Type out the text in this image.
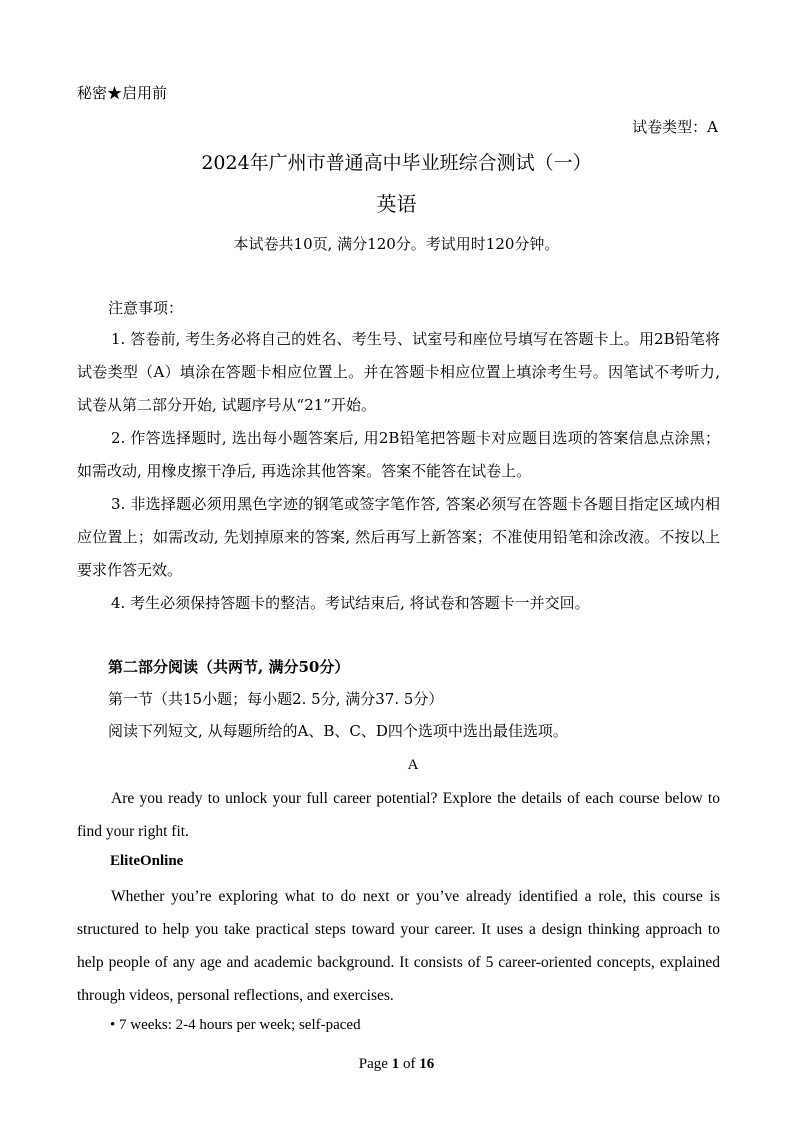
秘密★启用前
试卷类型：A
2024年广州市普通高中毕业班综合测试（一）
英语
本试卷共10页, 满分120分。考试用时120分钟。
注意事项：
1. 答卷前, 考生务必将自己的姓名、考生号、试室号和座位号填写在答题卡上。用2B铅笔将试卷类型（A）填涂在答题卡相应位置上。并在答题卡相应位置上填涂考生号。因笔试不考听力, 试卷从第二部分开始, 试题序号从“21”开始。
2. 作答选择题时, 选出每小题答案后, 用2B铅笔把答题卡对应题目选项的答案信息点涂黑；如需改动, 用橡皮擦干净后, 再选涂其他答案。答案不能答在试卷上。
3. 非选择题必须用黑色字迹的钢笔或签字笔作答, 答案必须写在答题卡各题目指定区域内相应位置上；如需改动, 先划掉原来的答案, 然后再写上新答案；不准使用铅笔和涂改液。不按以上要求作答无效。
4. 考生必须保持答题卡的整洁。考试结束后, 将试卷和答题卡一并交回。
第二部分阅读（共两节, 满分50分）
第一节（共15小题；每小题2. 5分, 满分37. 5分）
阅读下列短文, 从每题所给的A、B、C、D四个选项中选出最佳选项。
A
Are you ready to unlock your full career potential? Explore the details of each course below to find your right fit.
EliteOnline
Whether you’re exploring what to do next or you’ve already identified a role, this course is structured to help you take practical steps toward your career. It uses a design thinking approach to help people of any age and academic background. It consists of 5 career-oriented concepts, explained through videos, personal reflections, and exercises.
• 7 weeks: 2-4 hours per week; self-paced
Page 1 of 16
